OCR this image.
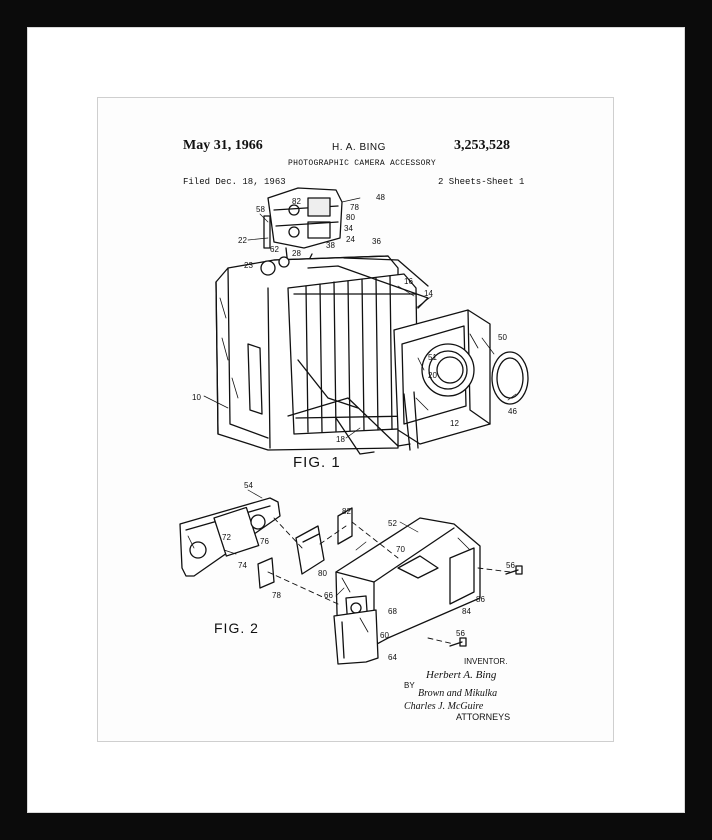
May 31, 1966	H. A. BING	3,253,528
PHOTOGRAPHIC CAMERA ACCESSORY
Filed Dec. 18, 1963	2 Sheets-Sheet 1
82
58	78
48
80
22
34
24 36
62 28
38
23
16
14
50
51
20
10
46
12
18
54
76
82
72
74
52
70
56
80
78	66	86
84
68
60	56
64
Herbert A. Bing
Brown and Mikulka
Charles J. McGuire
FIG. 1
FIG. 2
INVENTOR.
BY
ATTORNEYS
